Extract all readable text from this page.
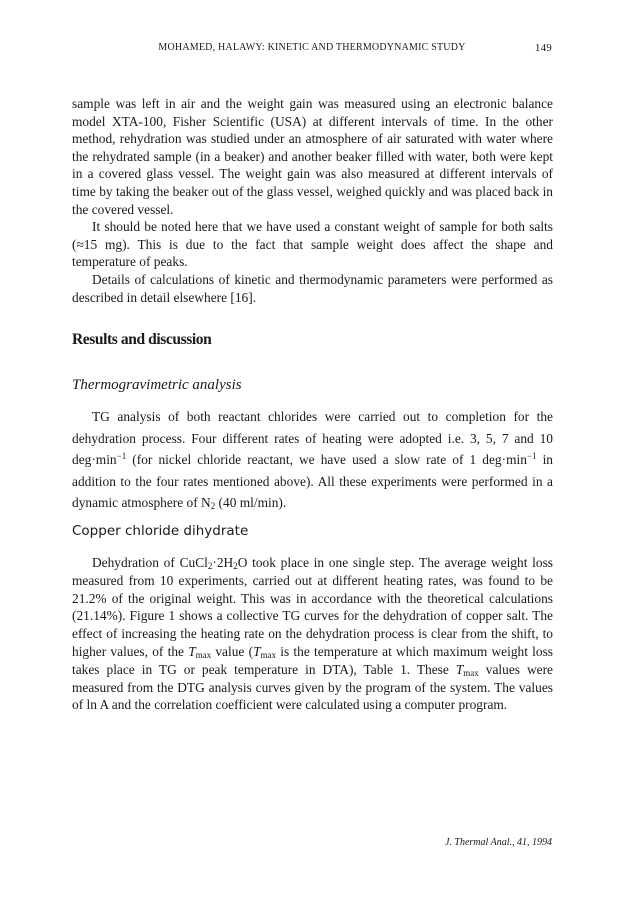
MOHAMED, HALAWY: KINETIC AND THERMODYNAMIC STUDY	149

sample was left in air and the weight gain was measured using an electronic balance model XTA-100, Fisher Scientific (USA) at different intervals of time. In the other method, rehydration was studied under an atmosphere of air saturated with water where the rehydrated sample (in a beaker) and another beaker filled with water, both were kept in a covered glass vessel. The weight gain was also measured at different intervals of time by taking the beaker out of the glass vessel, weighed quickly and was placed back in the covered vessel.

It should be noted here that we have used a constant weight of sample for both salts (≈15 mg). This is due to the fact that sample weight does affect the shape and temperature of peaks.

Details of calculations of kinetic and thermodynamic parameters were performed as described in detail elsewhere [16].

Results and discussion
Thermogravimetric analysis

TG analysis of both reactant chlorides were carried out to completion for the dehydration process. Four different rates of heating were adopted i.e. 3, 5, 7 and 10 $deg\cdot\min^{-1}$ (for nickel chloride reactant, we have used a slow rate of 1 $deg\cdot\min^{-1}$ in addition to the four rates mentioned above). All these experiments were performed in a dynamic atmosphere of $N_2$ (40 ml/min).

Copper chloride dihydrate

Dehydration of $CuCl_2\cdot 2H_2O$ took place in one single step. The average weight loss measured from 10 experiments, carried out at different heating rates, was found to be 21.2% of the original weight. This was in accordance with the theoretical calculations (21.14%). Figure 1 shows a collective TG curves for the dehydration of copper salt. The effect of increasing the heating rate on the dehydration process is clear from the shift, to higher values, of the $T_{max}$ value ($T_{max}$ is the temperature at which maximum weight loss takes place in TG or peak temperature in DTA), Table 1. These $T_{max}$ values were measured from the DTG analysis curves given by the program of the system. The values of ln A and the correlation coefficient were calculated using a computer program.

J. Thermal Anal., 41, 1994
